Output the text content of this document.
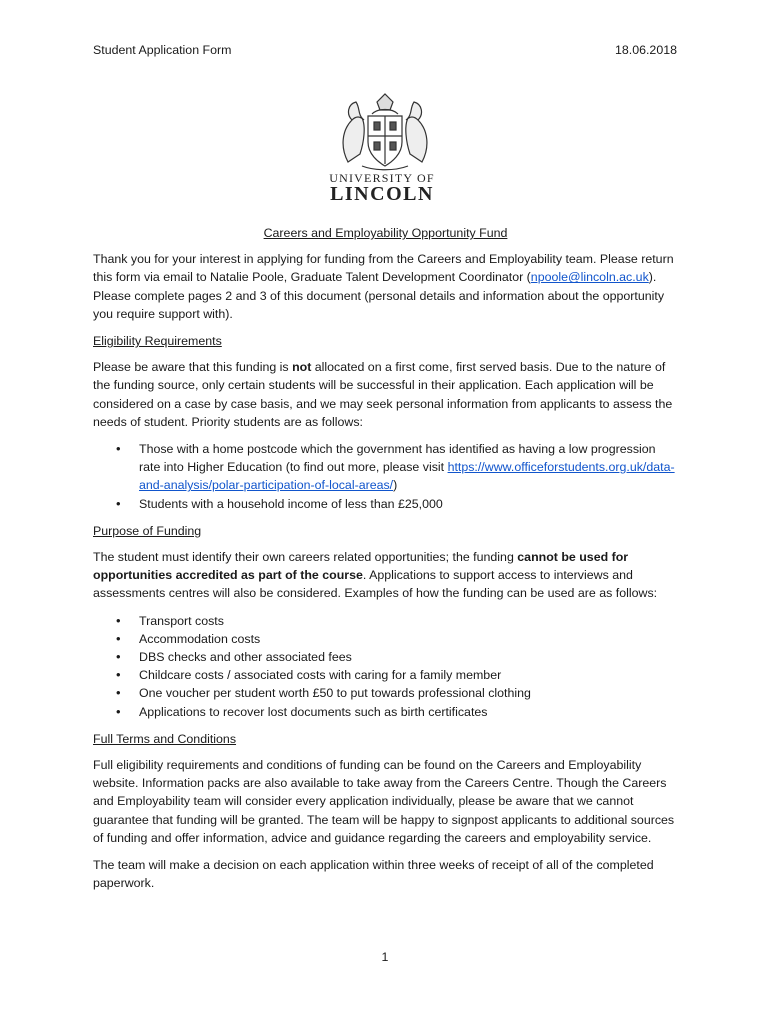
Student Application Form	18.06.2018
UNIVERSITY OF
LINCOLN
Careers and Employability Opportunity Fund

Thank you for your interest in applying for funding from the Careers and Employability team. Please return this form via email to Natalie Poole, Graduate Talent Development Coordinator (npoole@lincoln.ac.uk). Please complete pages 2 and 3 of this document (personal details and information about the opportunity you require support with).

Eligibility Requirements

Please be aware that this funding is not allocated on a first come, first served basis. Due to the nature of the funding source, only certain students will be successful in their application. Each application will be considered on a case by case basis, and we may seek personal information from applicants to assess the needs of student. Priority students are as follows:

• Those with a home postcode which the government has identified as having a low progression rate into Higher Education (to find out more, please visit https://www.officeforstudents.org.uk/data-and-analysis/polar-participation-of-local-areas/)
• Students with a household income of less than £25,000
Purpose of Funding

The student must identify their own careers related opportunities; the funding cannot be used for opportunities accredited as part of the course. Applications to support access to interviews and assessments centres will also be considered. Examples of how the funding can be used are as follows:

• Transport costs
• Accommodation costs
• DBS checks and other associated fees
• Childcare costs / associated costs with caring for a family member
• One voucher per student worth £50 to put towards professional clothing
• Applications to recover lost documents such as birth certificates
Full Terms and Conditions

Full eligibility requirements and conditions of funding can be found on the Careers and Employability website. Information packs are also available to take away from the Careers Centre. Though the Careers and Employability team will consider every application individually, please be aware that we cannot guarantee that funding will be granted. The team will be happy to signpost applicants to additional sources of funding and offer information, advice and guidance regarding the careers and employability service.

The team will make a decision on each application within three weeks of receipt of all of the completed paperwork.

1
